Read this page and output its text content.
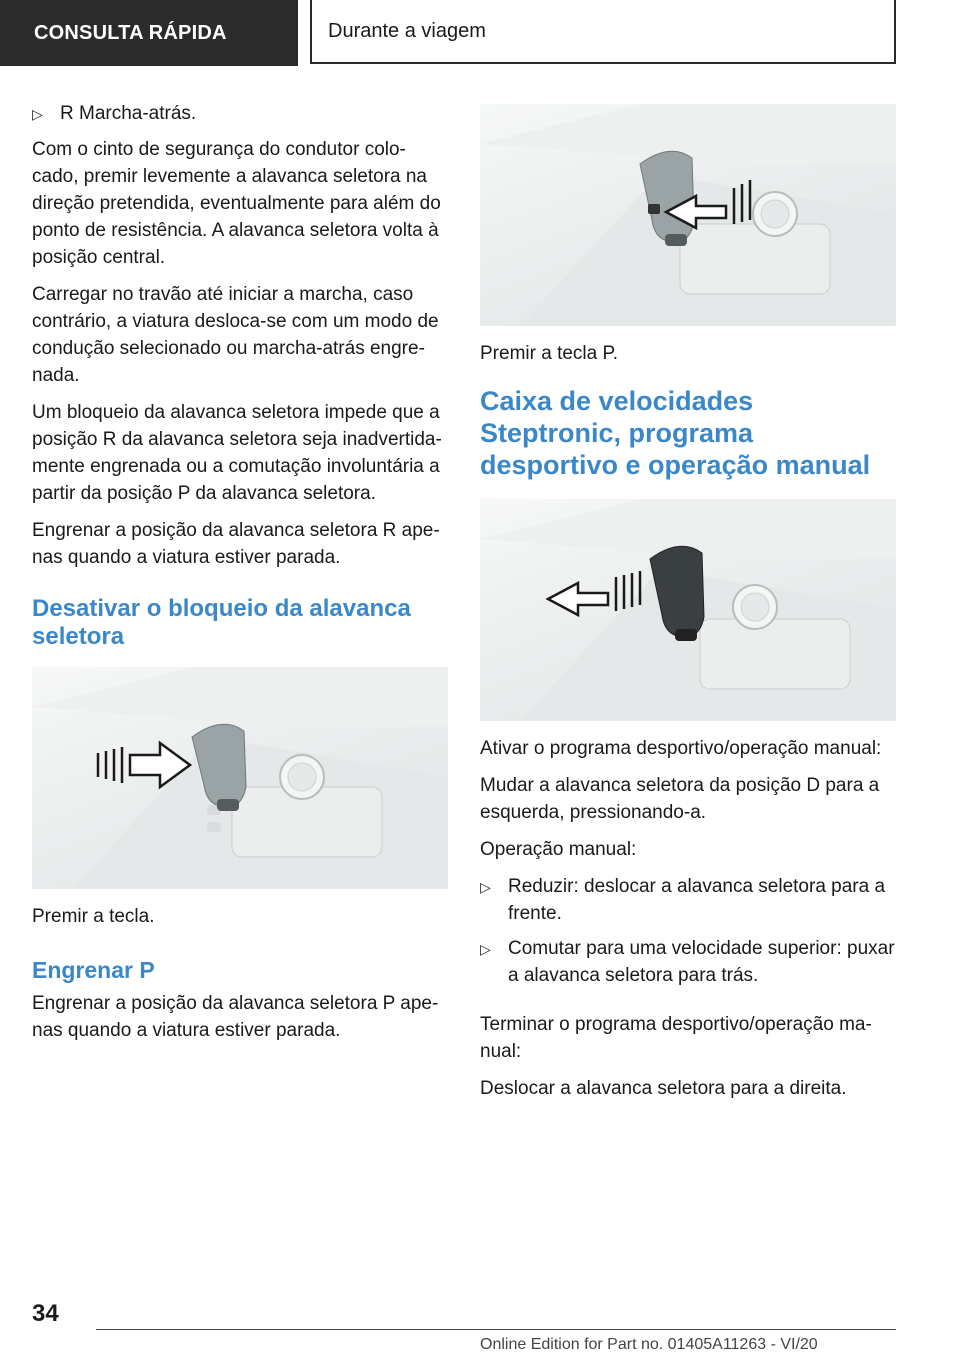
CONSULTA RÁPIDA	Durante a viagem
▷ R Marcha-atrás.

Com o cinto de segurança do condutor colo-cado, premir levemente a alavanca seletora na direção pretendida, eventualmente para além do ponto de resistência. A alavanca seletora volta à posição central.

Carregar no travão até iniciar a marcha, caso contrário, a viatura desloca-se com um modo de condução selecionado ou marcha-atrás engre-nada.

Um bloqueio da alavanca seletora impede que a posição R da alavanca seletora seja inadvertida-mente engrenada ou a comutação involuntária a partir da posição P da alavanca seletora.

Engrenar a posição da alavanca seletora R ape-nas quando a viatura estiver parada.

Desativar o bloqueio da alavanca seletora

Premir a tecla.

Engrenar P

Engrenar a posição da alavanca seletora P ape-nas quando a viatura estiver parada.

Premir a tecla P.

Caixa de velocidades Steptronic, programa desportivo e operação manual

Ativar o programa desportivo/operação manual:

Mudar a alavanca seletora da posição D para a esquerda, pressionando-a.

Operação manual:

▷ Reduzir: deslocar a alavanca seletora para a frente.
▷ Comutar para uma velocidade superior: puxar a alavanca seletora para trás.

Terminar o programa desportivo/operação ma-nual:

Deslocar a alavanca seletora para a direita.

34
Online Edition for Part no. 01405A11263 - VI/20
